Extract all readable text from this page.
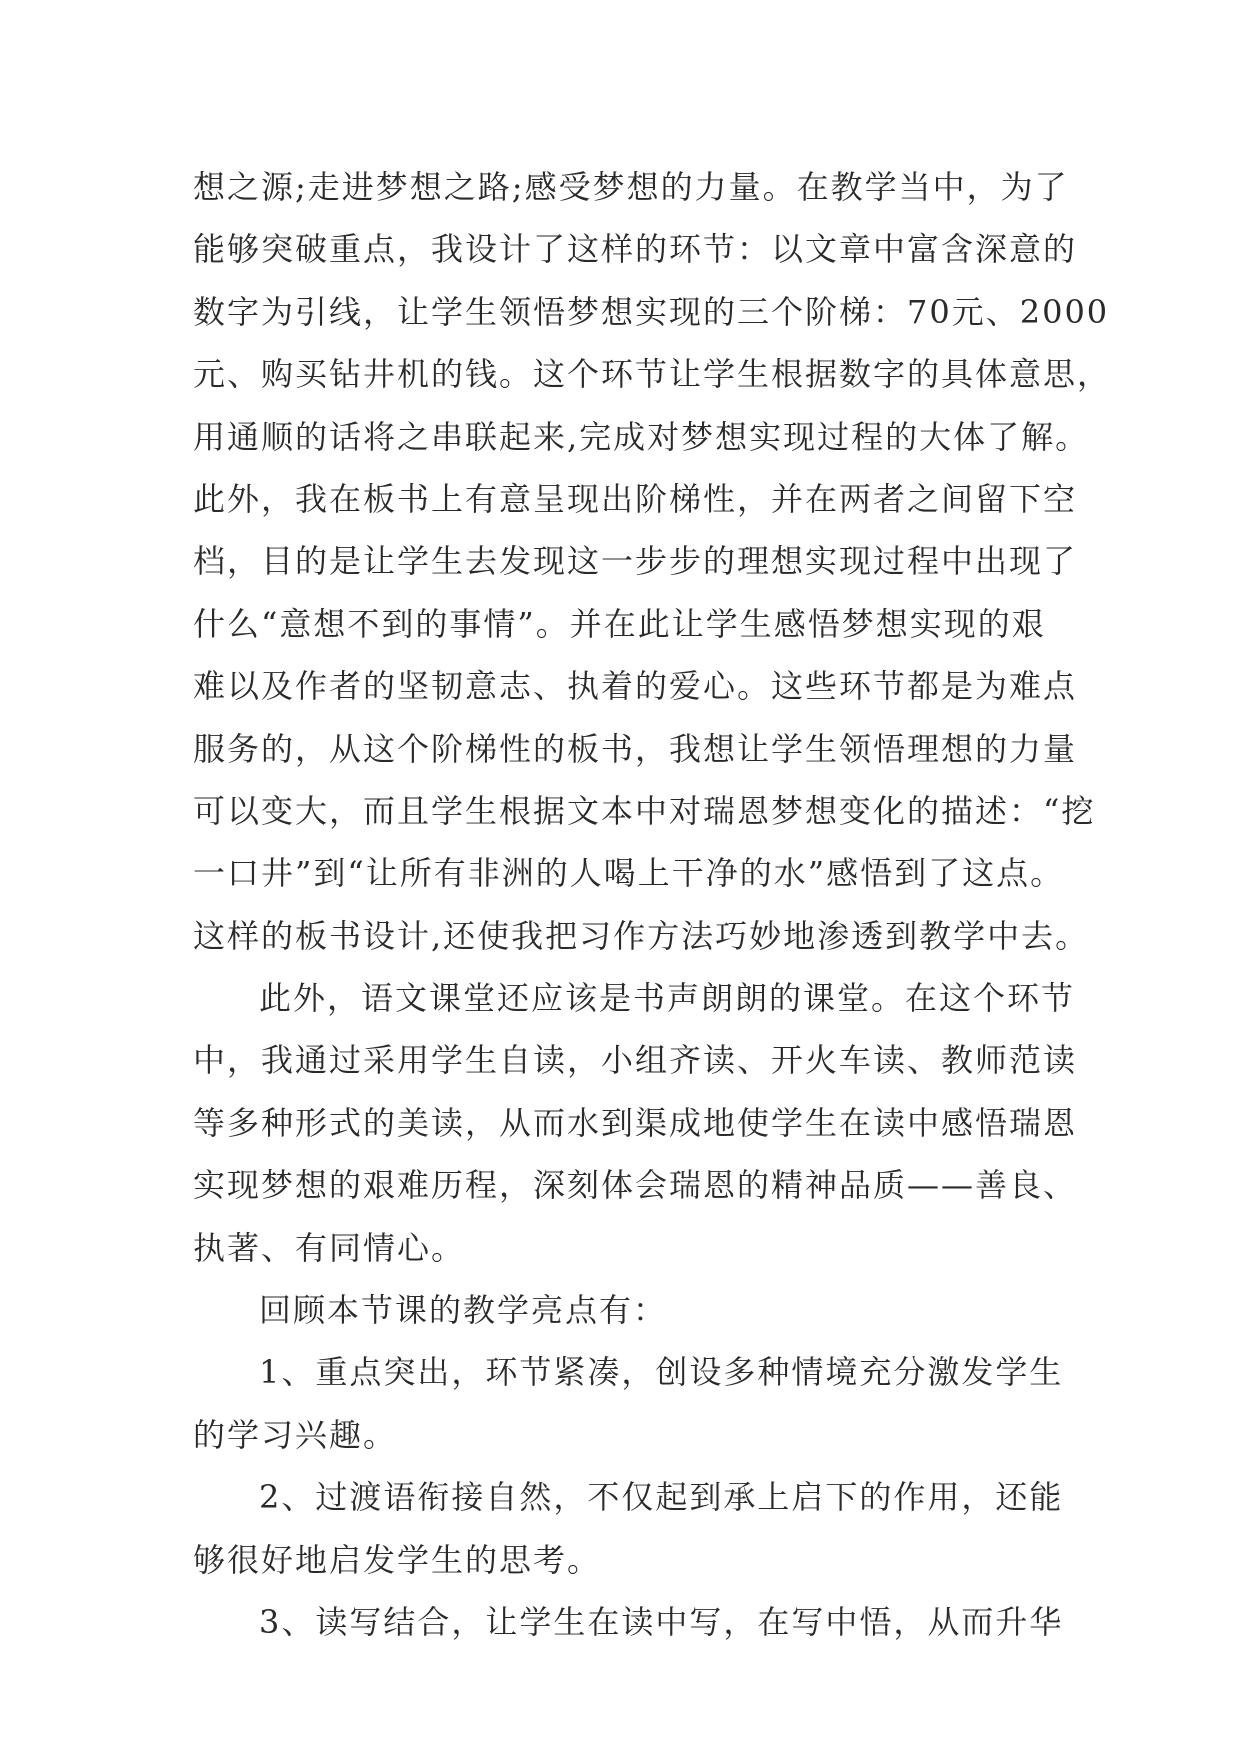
想之源;走进梦想之路;感受梦想的力量。在教学当中，为了
能够突破重点，我设计了这样的环节：以文章中富含深意的
数字为引线，让学生领悟梦想实现的三个阶梯：70元、2000
元、购买钻井机的钱。这个环节让学生根据数字的具体意思，
用通顺的话将之串联起来,完成对梦想实现过程的大体了解。
此外，我在板书上有意呈现出阶梯性，并在两者之间留下空
档，目的是让学生去发现这一步步的理想实现过程中出现了
什么“意想不到的事情”。并在此让学生感悟梦想实现的艰
难以及作者的坚韧意志、执着的爱心。这些环节都是为难点
服务的，从这个阶梯性的板书，我想让学生领悟理想的力量
可以变大，而且学生根据文本中对瑞恩梦想变化的描述：“挖
一口井”到“让所有非洲的人喝上干净的水”感悟到了这点。
这样的板书设计,还使我把习作方法巧妙地渗透到教学中去。
此外，语文课堂还应该是书声朗朗的课堂。在这个环节
中，我通过采用学生自读，小组齐读、开火车读、教师范读
等多种形式的美读，从而水到渠成地使学生在读中感悟瑞恩
实现梦想的艰难历程，深刻体会瑞恩的精神品质——善良、
执著、有同情心。
回顾本节课的教学亮点有：
1、重点突出，环节紧凑，创设多种情境充分激发学生
的学习兴趣。
2、过渡语衔接自然，不仅起到承上启下的作用，还能
够很好地启发学生的思考。
3、读写结合，让学生在读中写，在写中悟，从而升华
